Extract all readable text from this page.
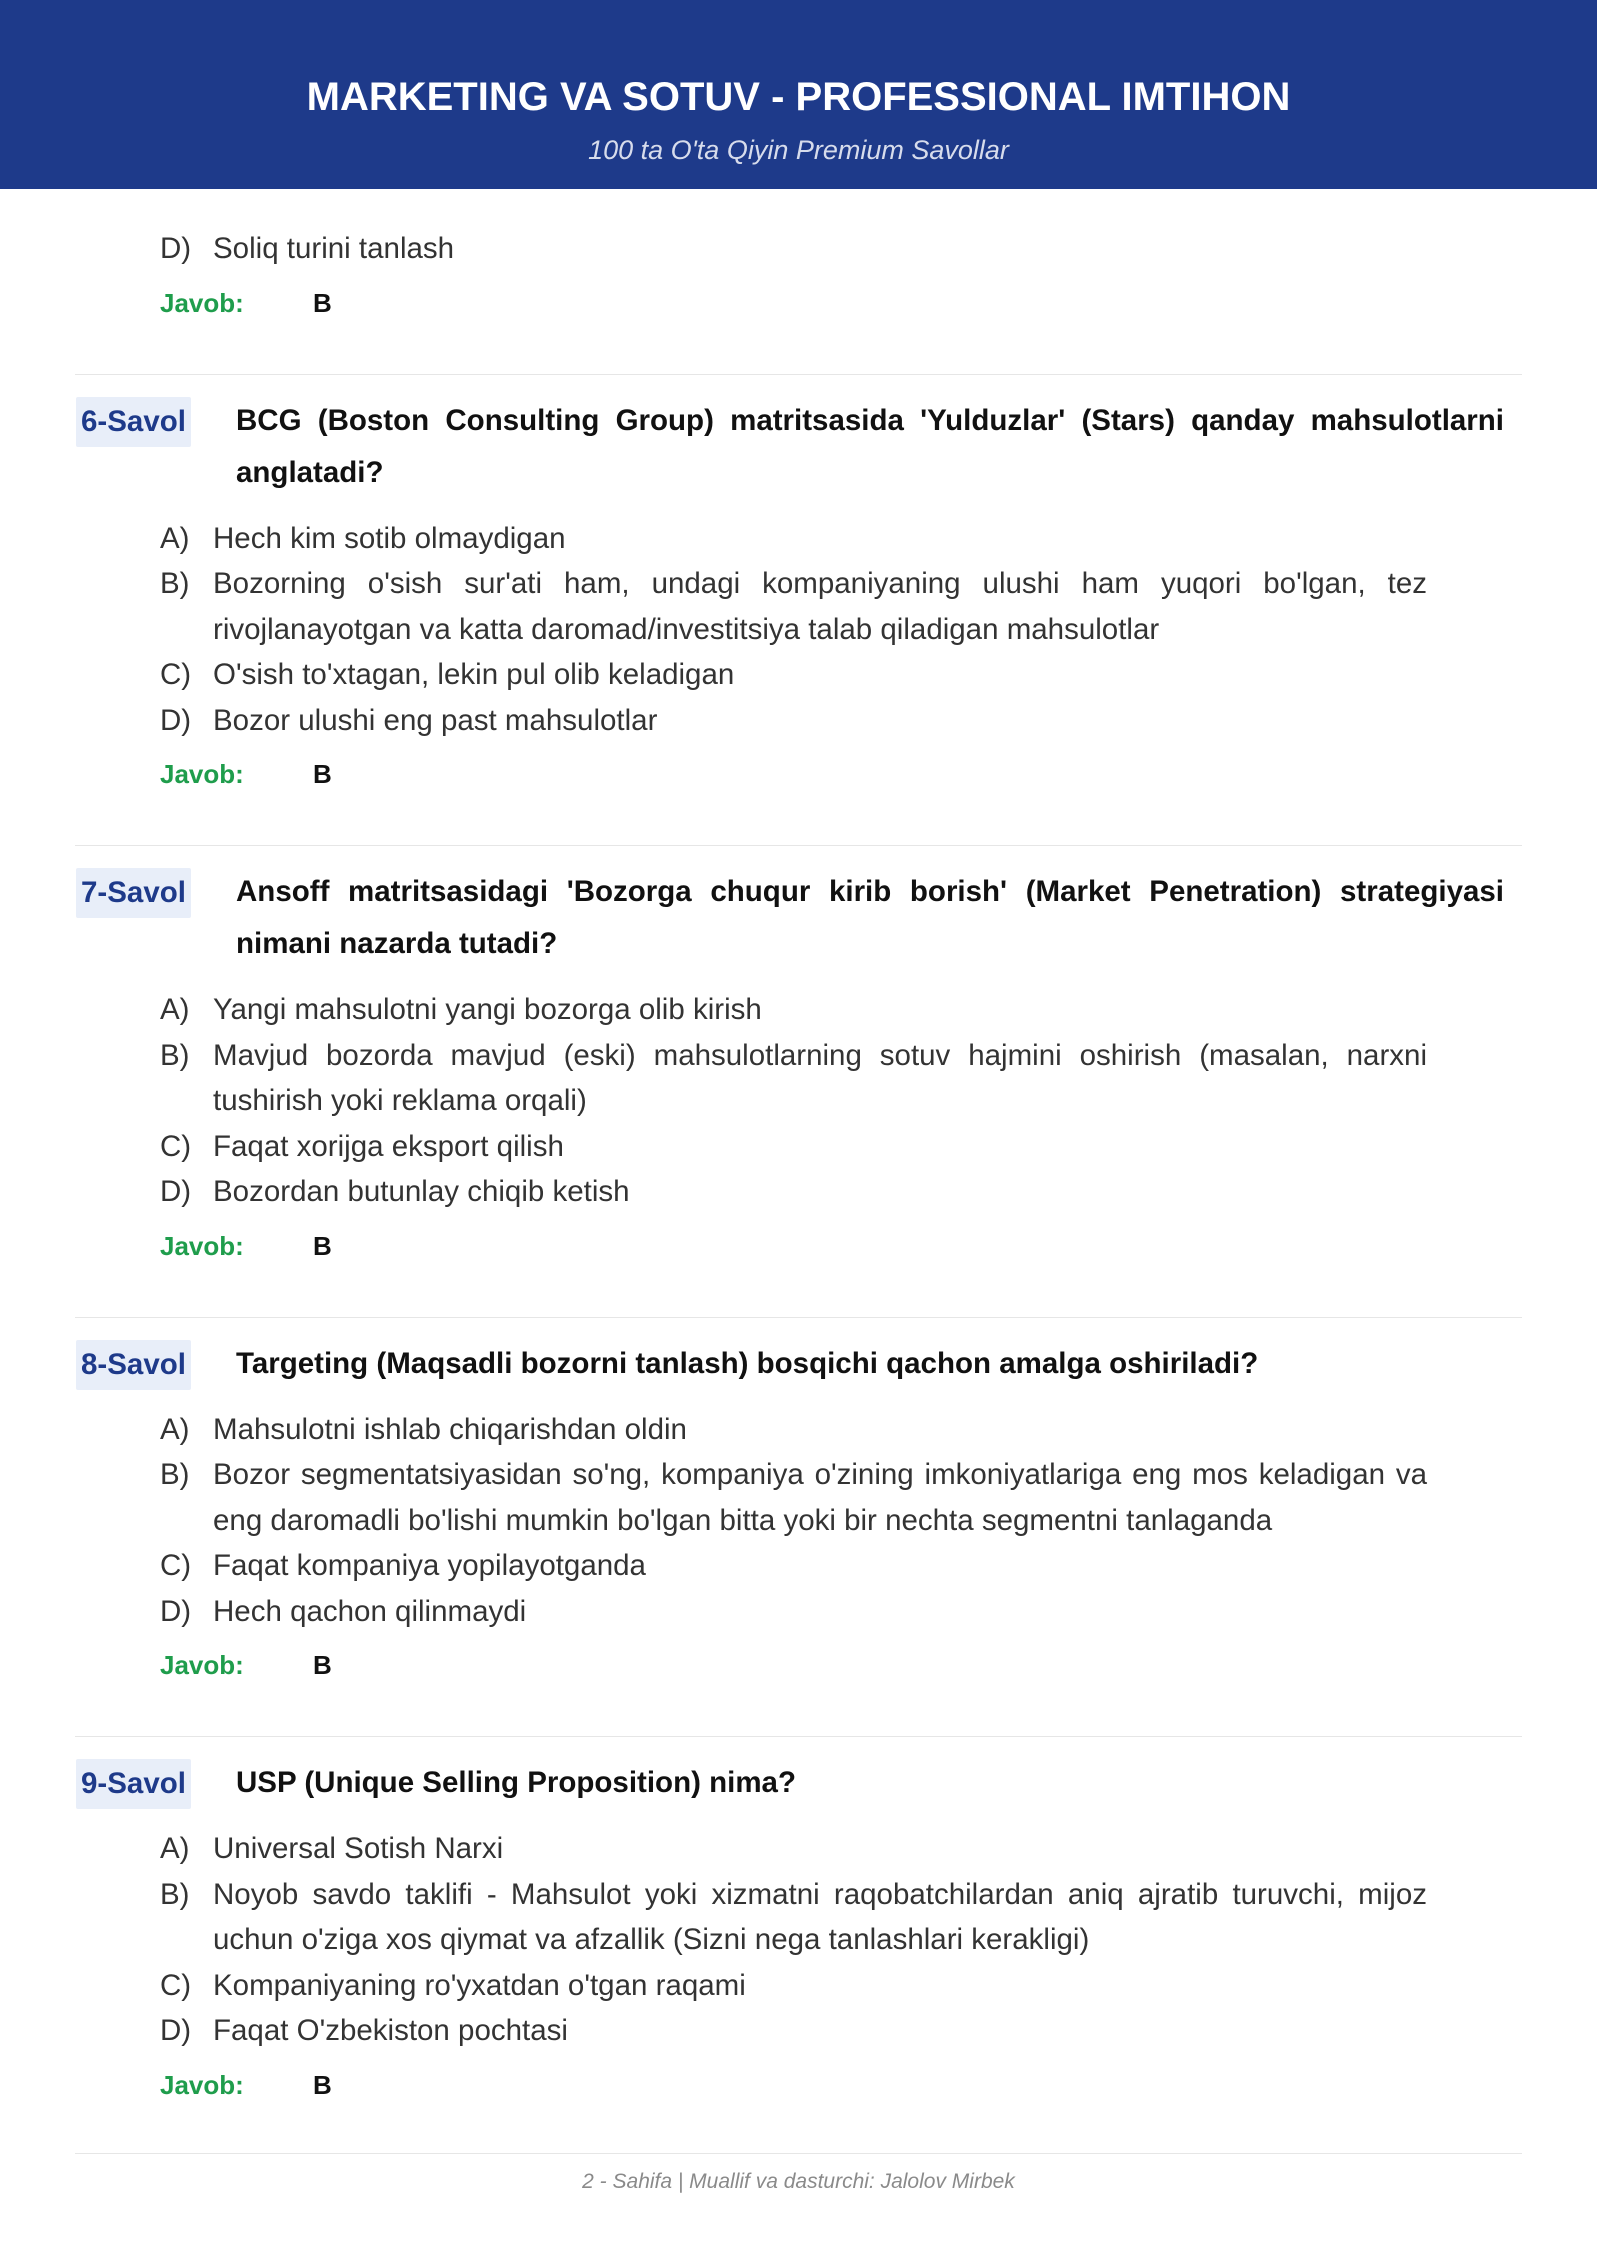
MARKETING VA SOTUV - PROFESSIONAL IMTIHON
100 ta O'ta Qiyin Premium Savollar
D) Soliq turini tanlash
Javob:	B
6-Savol BCG (Boston Consulting Group) matritsasida 'Yulduzlar' (Stars) qanday mahsulotlarni anglatadi?
A) Hech kim sotib olmaydigan
B) Bozorning o'sish sur'ati ham, undagi kompaniyaning ulushi ham yuqori bo'lgan, tez rivojlanayotgan va katta daromad/investitsiya talab qiladigan mahsulotlar
C) O'sish to'xtagan, lekin pul olib keladigan
D) Bozor ulushi eng past mahsulotlar
Javob:	B
7-Savol Ansoff matritsasidagi 'Bozorga chuqur kirib borish' (Market Penetration) strategiyasi nimani nazarda tutadi?
A) Yangi mahsulotni yangi bozorga olib kirish
B) Mavjud bozorda mavjud (eski) mahsulotlarning sotuv hajmini oshirish (masalan, narxni tushirish yoki reklama orqali)
C) Faqat xorijga eksport qilish
D) Bozordan butunlay chiqib ketish
Javob:	B
8-Savol Targeting (Maqsadli bozorni tanlash) bosqichi qachon amalga oshiriladi?
A) Mahsulotni ishlab chiqarishdan oldin
B) Bozor segmentatsiyasidan so'ng, kompaniya o'zining imkoniyatlariga eng mos keladigan va eng daromadli bo'lishi mumkin bo'lgan bitta yoki bir nechta segmentni tanlaganda
C) Faqat kompaniya yopilayotganda
D) Hech qachon qilinmaydi
Javob:	B
9-Savol USP (Unique Selling Proposition) nima?
A) Universal Sotish Narxi
B) Noyob savdo taklifi - Mahsulot yoki xizmatni raqobatchilardan aniq ajratib turuvchi, mijoz uchun o'ziga xos qiymat va afzallik (Sizni nega tanlashlari kerakligi)
C) Kompaniyaning ro'yxatdan o'tgan raqami
D) Faqat O'zbekiston pochtasi
Javob:	B
2 - Sahifa | Muallif va dasturchi: Jalolov Mirbek
